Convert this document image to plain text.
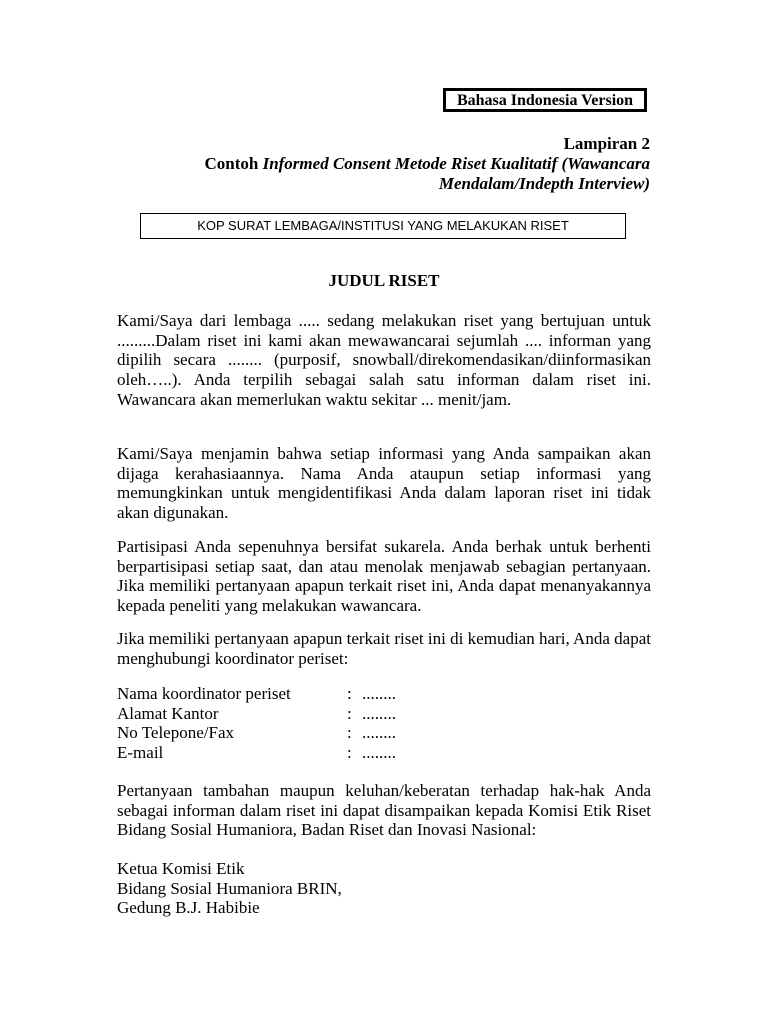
Bahasa Indonesia Version
Lampiran 2
Contoh Informed Consent Metode Riset Kualitatif (Wawancara Mendalam/Indepth Interview)
KOP SURAT LEMBAGA/INSTITUSI YANG MELAKUKAN RISET
JUDUL RISET

Kami/Saya dari lembaga ..... sedang melakukan riset yang bertujuan untuk .........Dalam riset ini kami akan mewawancarai sejumlah .... informan yang dipilih secara ........ (purposif, snowball/direkomendasikan/diinformasikan oleh…..). Anda terpilih sebagai salah satu informan dalam riset ini. Wawancara akan memerlukan waktu sekitar ... menit/jam.

Kami/Saya menjamin bahwa setiap informasi yang Anda sampaikan akan dijaga kerahasiaannya. Nama Anda ataupun setiap informasi yang memungkinkan untuk mengidentifikasi Anda dalam laporan riset ini tidak akan digunakan.

Partisipasi Anda sepenuhnya bersifat sukarela. Anda berhak untuk berhenti berpartisipasi setiap saat, dan atau menolak menjawab sebagian pertanyaan. Jika memiliki pertanyaan apapun terkait riset ini, Anda dapat menanyakannya kepada peneliti yang melakukan wawancara.

Jika memiliki pertanyaan apapun terkait riset ini di kemudian hari, Anda dapat menghubungi koordinator periset:

Nama koordinator periset	: ........
Alamat Kantor	: ........
No Telepone/Fax	: ........
E-mail	: ........

Pertanyaan tambahan maupun keluhan/keberatan terhadap hak-hak Anda sebagai informan dalam riset ini dapat disampaikan kepada Komisi Etik Riset Bidang Sosial Humaniora, Badan Riset dan Inovasi Nasional:

Ketua Komisi Etik
Bidang Sosial Humaniora BRIN,
Gedung B.J. Habibie
